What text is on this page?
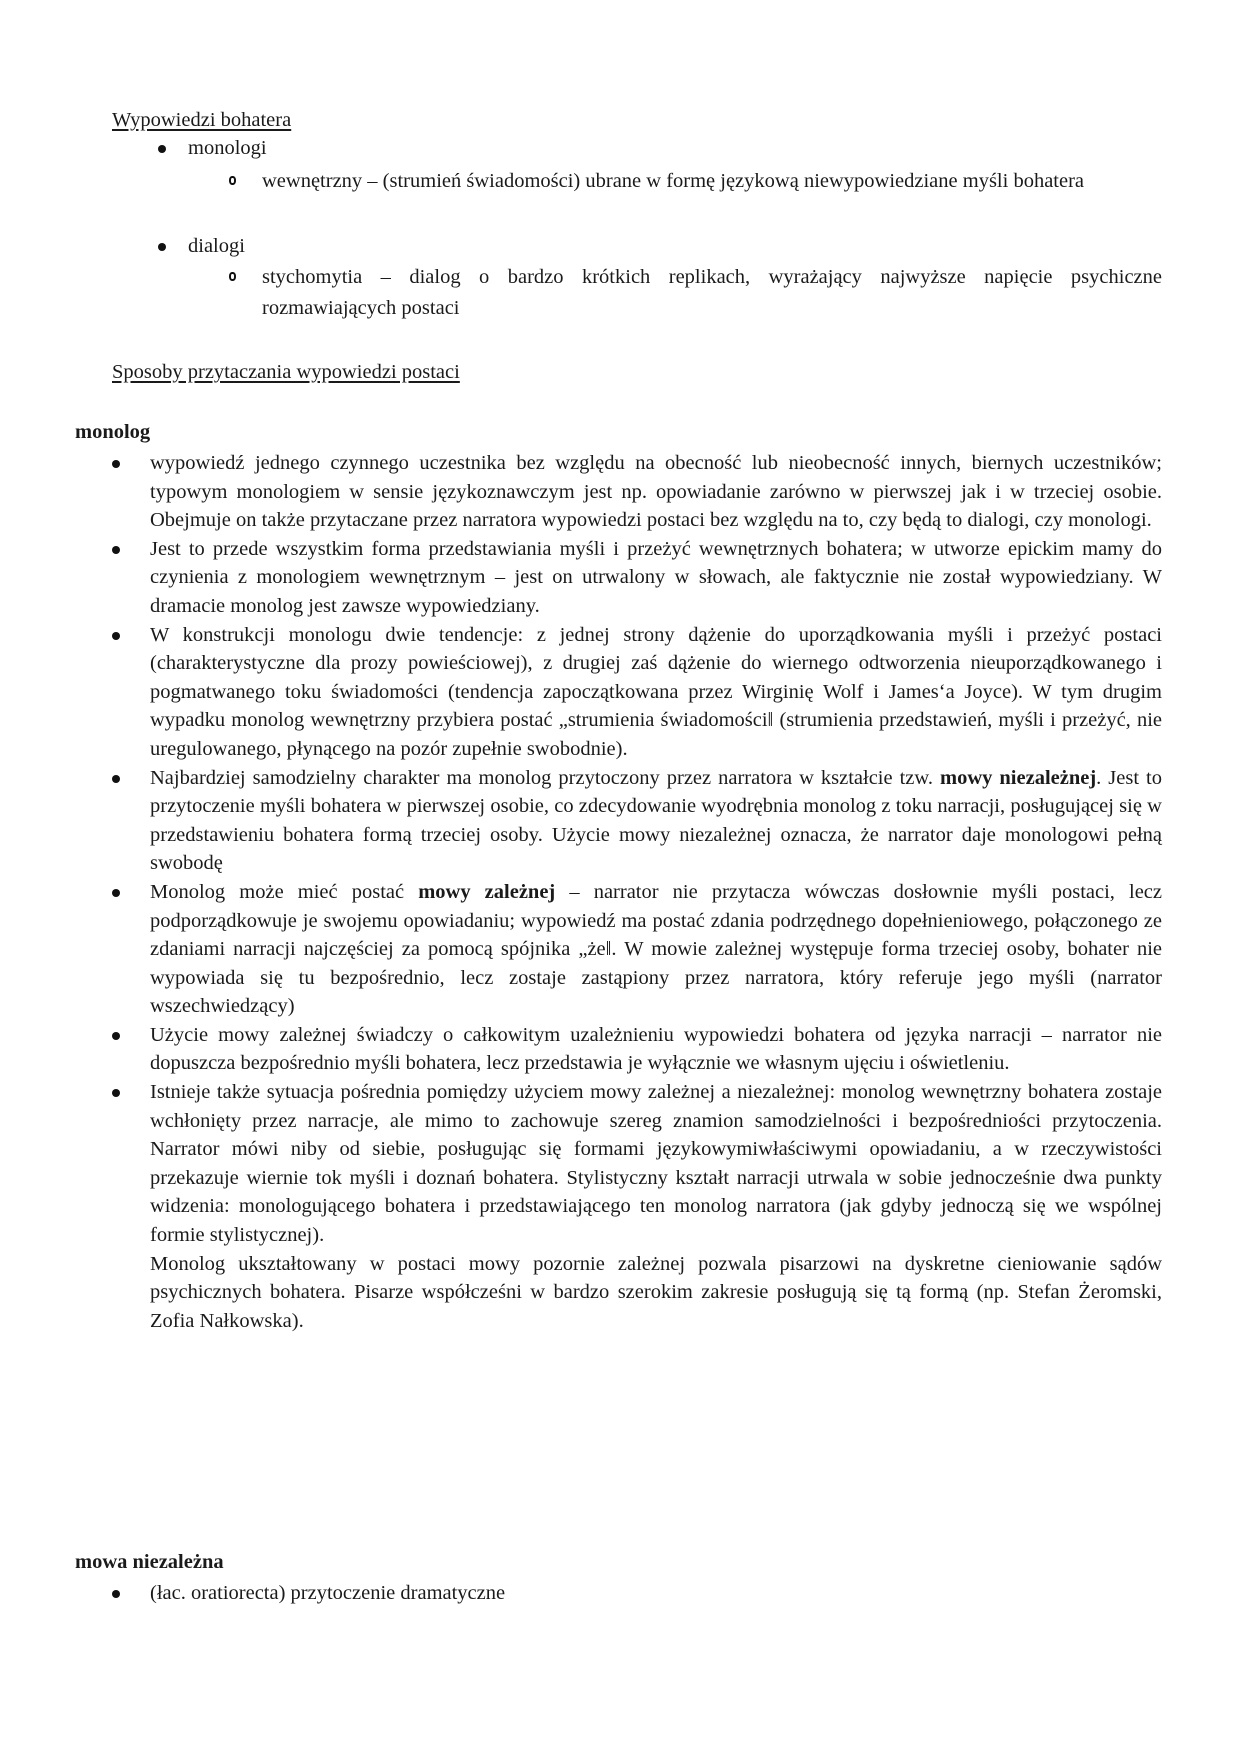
Wypowiedzi bohatera
monologi
wewnętrzny – (strumień świadomości) ubrane w formę językową niewypowiedziane myśli bohatera
dialogi
stychomytia – dialog o bardzo krótkich replikach, wyrażający najwyższe napięcie psychiczne rozmawiających postaci
Sposoby przytaczania wypowiedzi postaci
monolog
wypowiedź jednego czynnego uczestnika bez względu na obecność lub nieobecność innych, biernych uczestników; typowym monologiem w sensie językoznawczym jest np. opowiadanie zarówno w pierwszej jak i w trzeciej osobie. Obejmuje on także przytaczane przez narratora wypowiedzi postaci bez względu na to, czy będą to dialogi, czy monologi.
Jest to przede wszystkim forma przedstawiania myśli i przeżyć wewnętrznych bohatera; w utworze epickim mamy do czynienia z monologiem wewnętrznym – jest on utrwalony w słowach, ale faktycznie nie został wypowiedziany. W dramacie monolog jest zawsze wypowiedziany.
W konstrukcji monologu dwie tendencje: z jednej strony dążenie do uporządkowania myśli i przeżyć postaci (charakterystyczne dla prozy powieściowej), z drugiej zaś dążenie do wiernego odtworzenia nieuporządkowanego i pogmatwanego toku świadomości (tendencja zapoczątkowana przez Wirginię Wolf i James‘a Joyce). W tym drugim wypadku monolog wewnętrzny przybiera postać „strumienia świadomości‖ (strumienia przedstawień, myśli i przeżyć, nie uregulowanego, płynącego na pozór zupełnie swobodnie).
Najbardziej samodzielny charakter ma monolog przytoczony przez narratora w kształcie tzw. mowy niezależnej. Jest to przytoczenie myśli bohatera w pierwszej osobie, co zdecydowanie wyodrębnia monolog z toku narracji, posługującej się w przedstawieniu bohatera formą trzeciej osoby. Użycie mowy niezależnej oznacza, że narrator daje monologowi pełną swobodę
Monolog może mieć postać mowy zależnej – narrator nie przytacza wówczas dosłownie myśli postaci, lecz podporządkowuje je swojemu opowiadaniu; wypowiedź ma postać zdania podrzędnego dopełnieniowego, połączonego ze zdaniami narracji najczęściej za pomocą spójnika „że‖. W mowie zależnej występuje forma trzeciej osoby, bohater nie wypowiada się tu bezpośrednio, lecz zostaje zastąpiony przez narratora, który referuje jego myśli (narrator wszechwiedzący)
Użycie mowy zależnej świadczy o całkowitym uzależnieniu wypowiedzi bohatera od języka narracji – narrator nie dopuszcza bezpośrednio myśli bohatera, lecz przedstawia je wyłącznie we własnym ujęciu i oświetleniu.
Istnieje także sytuacja pośrednia pomiędzy użyciem mowy zależnej a niezależnej: monolog wewnętrzny bohatera zostaje wchłonięty przez narracje, ale mimo to zachowuje szereg znamion samodzielności i bezpośredniości przytoczenia. Narrator mówi niby od siebie, posługując się formami językowymiwłaściwymi opowiadaniu, a w rzeczywistości przekazuje wiernie tok myśli i doznań bohatera. Stylistyczny kształt narracji utrwala w sobie jednocześnie dwa punkty widzenia: monologującego bohatera i przedstawiającego ten monolog narratora (jak gdyby jednoczą się we wspólnej formie stylistycznej).
Monolog ukształtowany w postaci mowy pozornie zależnej pozwala pisarzowi na dyskretne cieniowanie sądów psychicznych bohatera. Pisarze współcześni w bardzo szerokim zakresie posługują się tą formą (np. Stefan Żeromski, Zofia Nałkowska).
mowa niezależna
(łac. oratiorecta) przytoczenie dramatyczne
